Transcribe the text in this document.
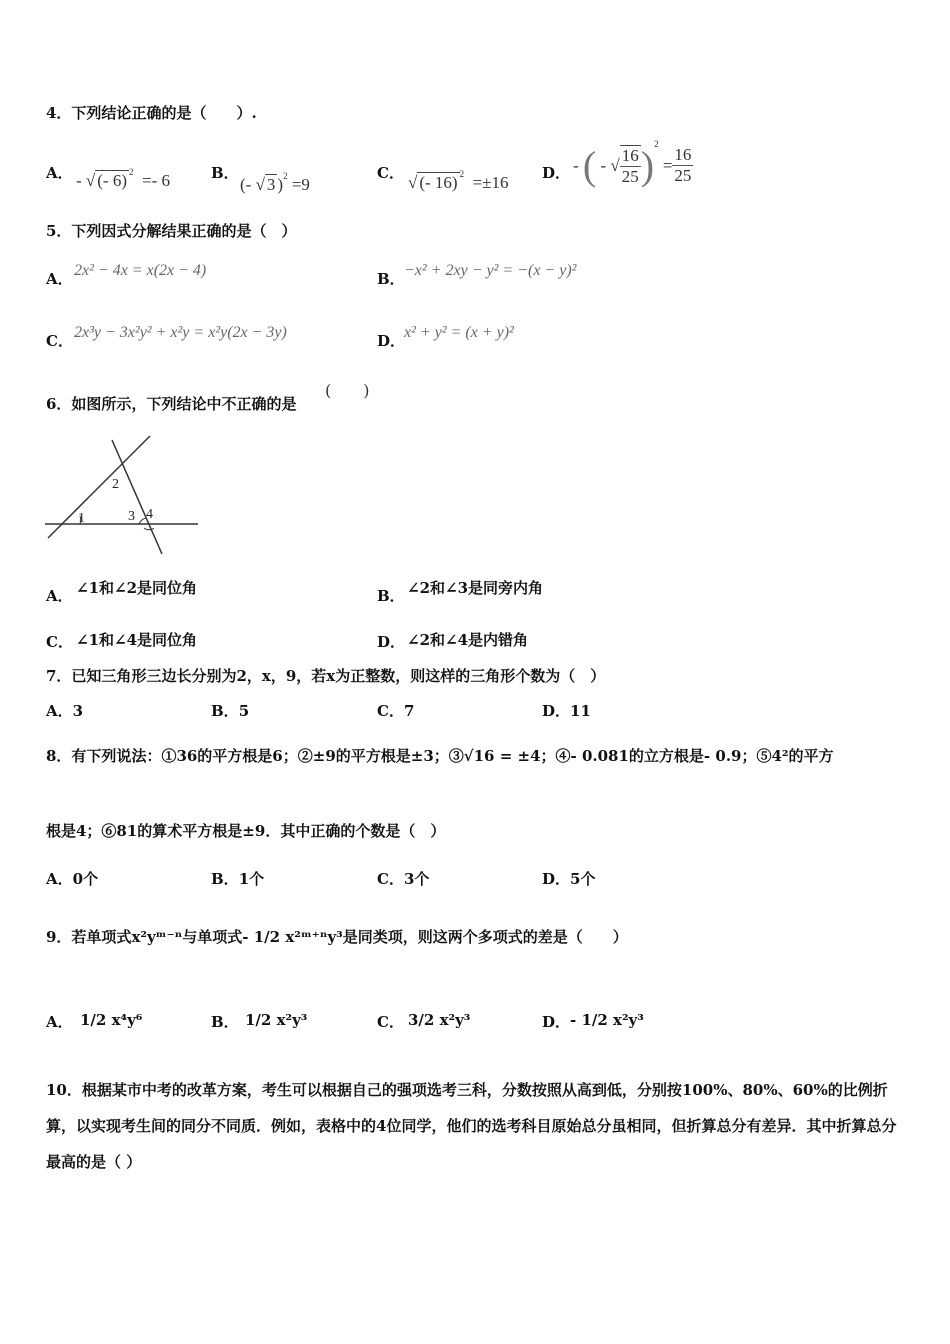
4．下列结论正确的是（　　）.
A． - √ (- 6) $^2$  =- 6	B．
(- √ 3 )$^2$ =9
C． √ (- 16) $^2$  =±16 D． - ( - √ $\frac{16}{25} )^2$
= $\frac{16}{25}$
5．下列因式分解结果正确的是（　）
A． 2x² − 4x = x(2x − 4)	B． −x² + 2xy − y² = −(x − y)²
C． 2x³y − 3x²y² + x²y = x²y(2x − 3y)	D．
x² + y² = (x + y)²
6．如图所示，下列结论中不正确的是
(　　)
1
2
3 4
A． ∠1和∠2是同位角	B． ∠2和∠3是同旁内角
C． ∠1和∠4是同位角	D． ∠2和∠4是内错角
7．已知三角形三边长分别为2，x，9，若x为正整数，则这样的三角形个数为（　）
A．3	B．5	C．7	D．11
8．有下列说法：①36的平方根是6；②±9的平方根是±3；③√16 = ±4；④- 0.081的立方根是- 0.9；⑤4²的平方
根是4；⑥81的算术平方根是±9．其中正确的个数是（　）
A．0个	B．1个	C．3个	D．5个
9．若单项式x²yᵐ⁻ⁿ与单项式- 1/2 x²ᵐ⁺ⁿy³是同类项，则这两个多项式的差是（　　）
A． 1/2 x⁴y⁶	B． 1/2 x²y³	C． 3/2 x²y³	D． - 1/2 x²y³
10．根据某市中考的改革方案，考生可以根据自己的强项选考三科，分数按照从高到低，分别按100%、80%、60%的比例折算，以实现考生间的同分不同质．例如，表格中的4位同学，他们的选考科目原始总分虽相同，但折算总分有差异．其中折算总分最高的是（ ）
